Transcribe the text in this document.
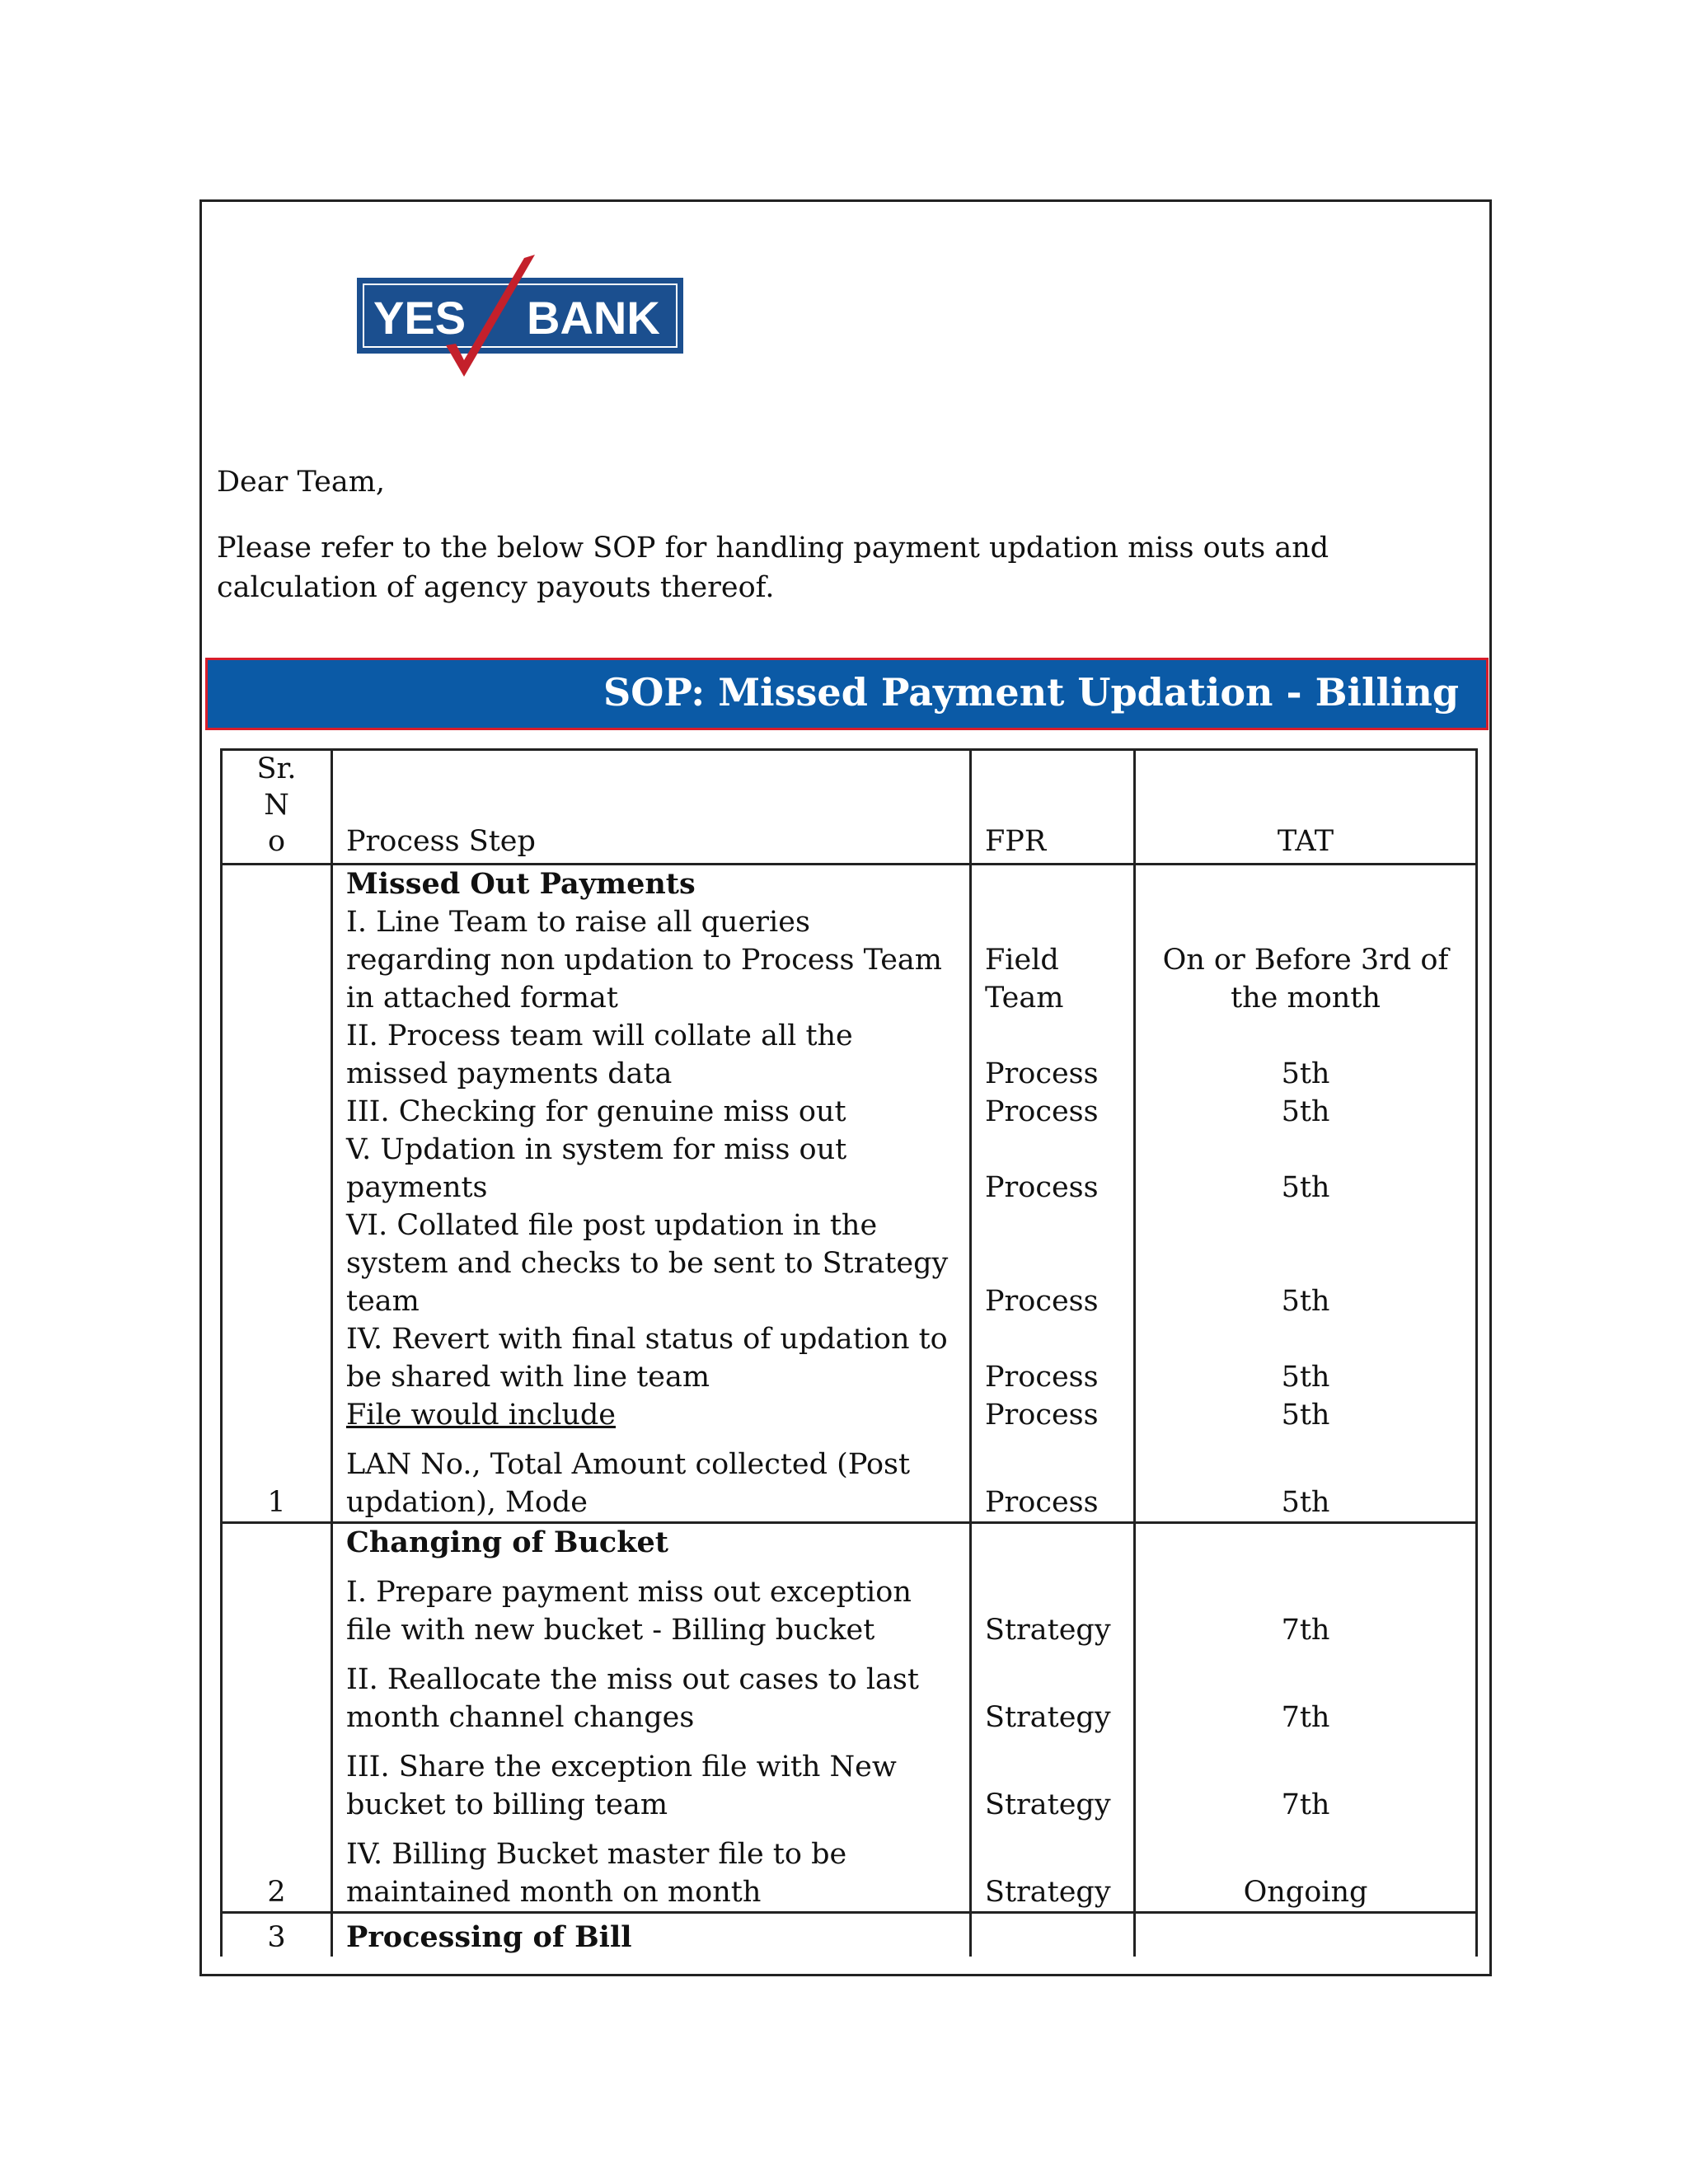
YES BANK
Dear Team,
Please refer to the below SOP for handling payment updation miss outs and calculation of agency payouts thereof.
SOP: Missed Payment Updation - Billing
Sr. No	Process Step	FPR	TAT
1	Missed Out Payments		
	I. Line Team to raise all queries regarding non updation to Process Team in attached format	Field Team	On or Before 3rd of the month
	II. Process team will collate all the missed payments data	Process	5th
	III. Checking for genuine miss out	Process	5th
	V. Updation in system for miss out payments	Process	5th
	VI. Collated file post updation in the system and checks to be sent to Strategy team	Process	5th
	IV. Revert with final status of updation to be shared with line team	Process	5th
	File would include	Process	5th
	LAN No., Total Amount collected (Post updation), Mode	Process	5th
2	Changing of Bucket		
	I. Prepare payment miss out exception file with new bucket - Billing bucket	Strategy	7th
	II. Reallocate the miss out cases to last month channel changes	Strategy	7th
	III. Share the exception file with New bucket to billing team	Strategy	7th
	IV. Billing Bucket master file to be maintained month on month	Strategy	Ongoing
3	Processing of Bill		
